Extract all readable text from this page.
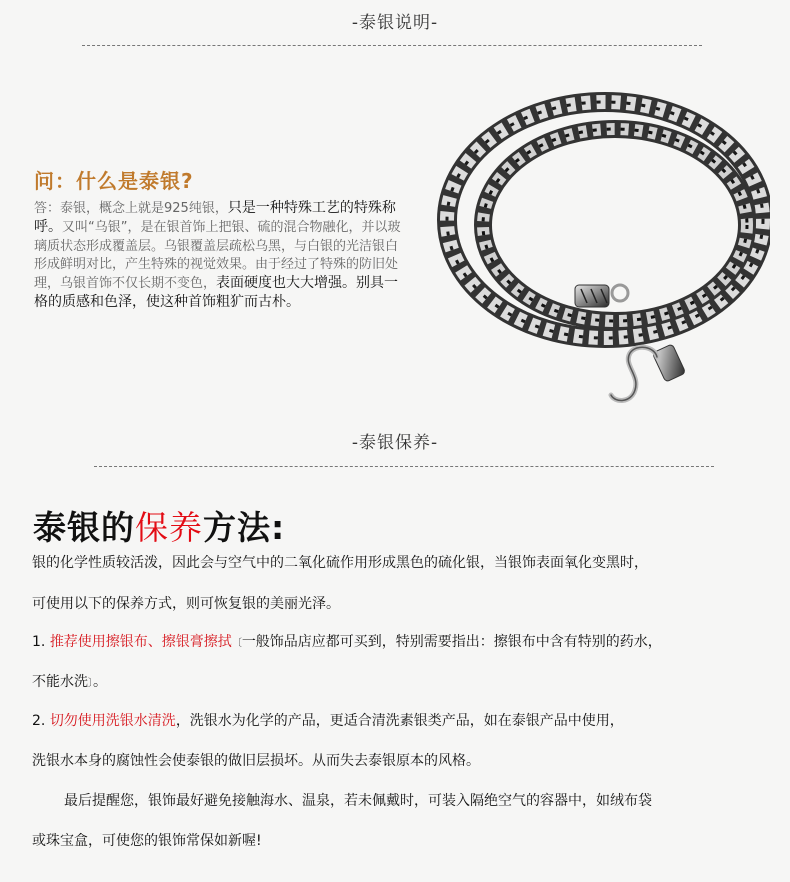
-泰银说明-
问：什么是泰银?
答：泰银，概念上就是925纯银，只是一种特殊工艺的特殊称呼。又叫“乌银”，是在银首饰上把银、硫的混合物融化，并以玻璃质状态形成覆盖层。乌银覆盖层疏松乌黑，与白银的光洁银白形成鲜明对比，产生特殊的视觉效果。由于经过了特殊的防旧处理，乌银首饰不仅长期不变色，表面硬度也大大增强。别具一格的质感和色泽，使这种首饰粗犷而古朴。
-泰银保养-
泰银的保养方法:
银的化学性质较活泼，因此会与空气中的二氧化硫作用形成黑色的硫化银，当银饰表面氧化变黑时，
可使用以下的保养方式，则可恢复银的美丽光泽。
1. 推荐使用擦银布、擦银膏擦拭〔一般饰品店应都可买到，特别需要指出：擦银布中含有特别的药水，
不能水洗〕。
2. 切勿使用洗银水清洗，洗银水为化学的产品，更适合清洗素银类产品，如在泰银产品中使用，
洗银水本身的腐蚀性会使泰银的做旧层损坏。从而失去泰银原本的风格。
最后提醒您，银饰最好避免接触海水、温泉，若未佩戴时，可装入隔绝空气的容器中，如绒布袋
或珠宝盒，可使您的银饰常保如新喔!
